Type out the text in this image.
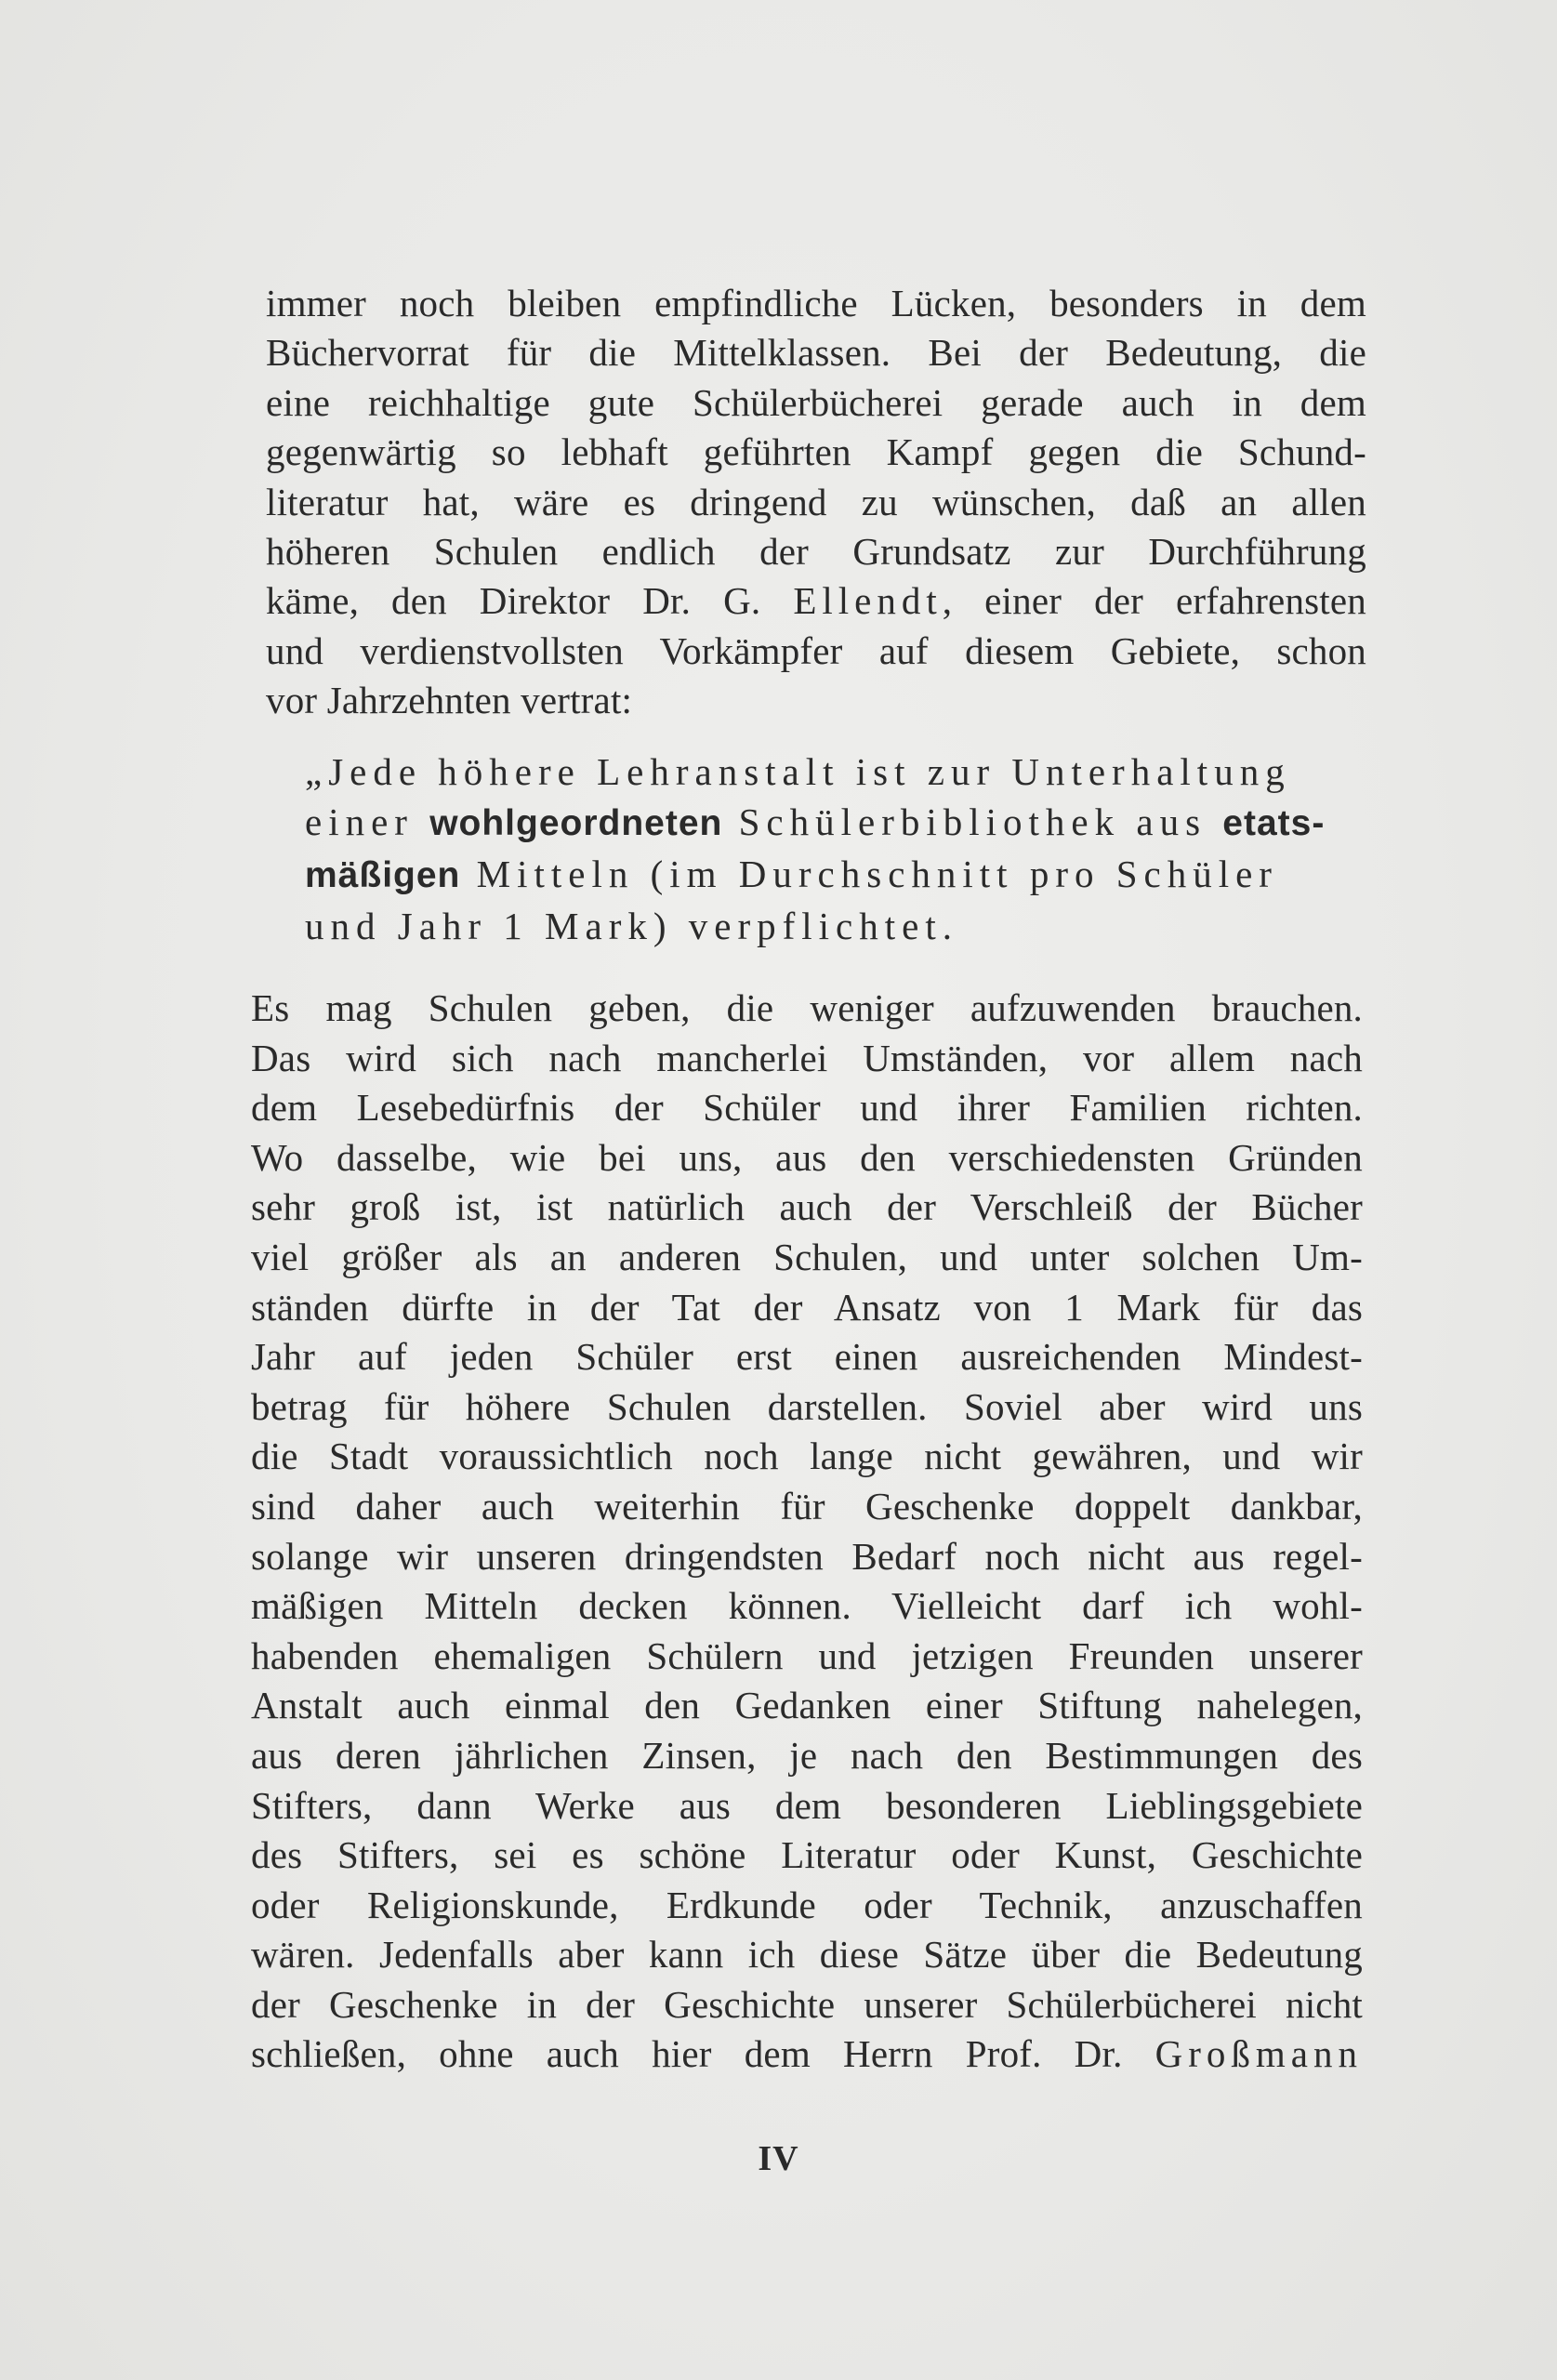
immer noch bleiben empfindliche Lücken, besonders in dem
Büchervorrat für die Mittelklassen. Bei der Bedeutung, die
eine reichhaltige gute Schülerbücherei gerade auch in dem
gegenwärtig so lebhaft geführten Kampf gegen die Schund-
literatur hat, wäre es dringend zu wünschen, daß an allen
höheren Schulen endlich der Grundsatz zur Durchführung
käme, den Direktor Dr. G. Ellendt, einer der erfahrensten
und verdienstvollsten Vorkämpfer auf diesem Gebiete, schon
vor Jahrzehnten vertrat:
„Jede höhere Lehranstalt ist zur Unterhaltung
einer wohlgeordneten Schülerbibliothek aus etats-
mäßigen Mitteln (im Durchschnitt pro Schüler
und Jahr 1 Mark) verpflichtet.
Es mag Schulen geben, die weniger aufzuwenden brauchen.
Das wird sich nach mancherlei Umständen, vor allem nach
dem Lesebedürfnis der Schüler und ihrer Familien richten.
Wo dasselbe, wie bei uns, aus den verschiedensten Gründen
sehr groß ist, ist natürlich auch der Verschleiß der Bücher
viel größer als an anderen Schulen, und unter solchen Um-
ständen dürfte in der Tat der Ansatz von 1 Mark für das
Jahr auf jeden Schüler erst einen ausreichenden Mindest-
betrag für höhere Schulen darstellen. Soviel aber wird uns
die Stadt voraussichtlich noch lange nicht gewähren, und wir
sind daher auch weiterhin für Geschenke doppelt dankbar,
solange wir unseren dringendsten Bedarf noch nicht aus regel-
mäßigen Mitteln decken können. Vielleicht darf ich wohl-
habenden ehemaligen Schülern und jetzigen Freunden unserer
Anstalt auch einmal den Gedanken einer Stiftung nahelegen,
aus deren jährlichen Zinsen, je nach den Bestimmungen des
Stifters, dann Werke aus dem besonderen Lieblingsgebiete
des Stifters, sei es schöne Literatur oder Kunst, Geschichte
oder Religionskunde, Erdkunde oder Technik, anzuschaffen
wären. Jedenfalls aber kann ich diese Sätze über die Bedeutung
der Geschenke in der Geschichte unserer Schülerbücherei nicht
schließen, ohne auch hier dem Herrn Prof. Dr. Großmann
IV
